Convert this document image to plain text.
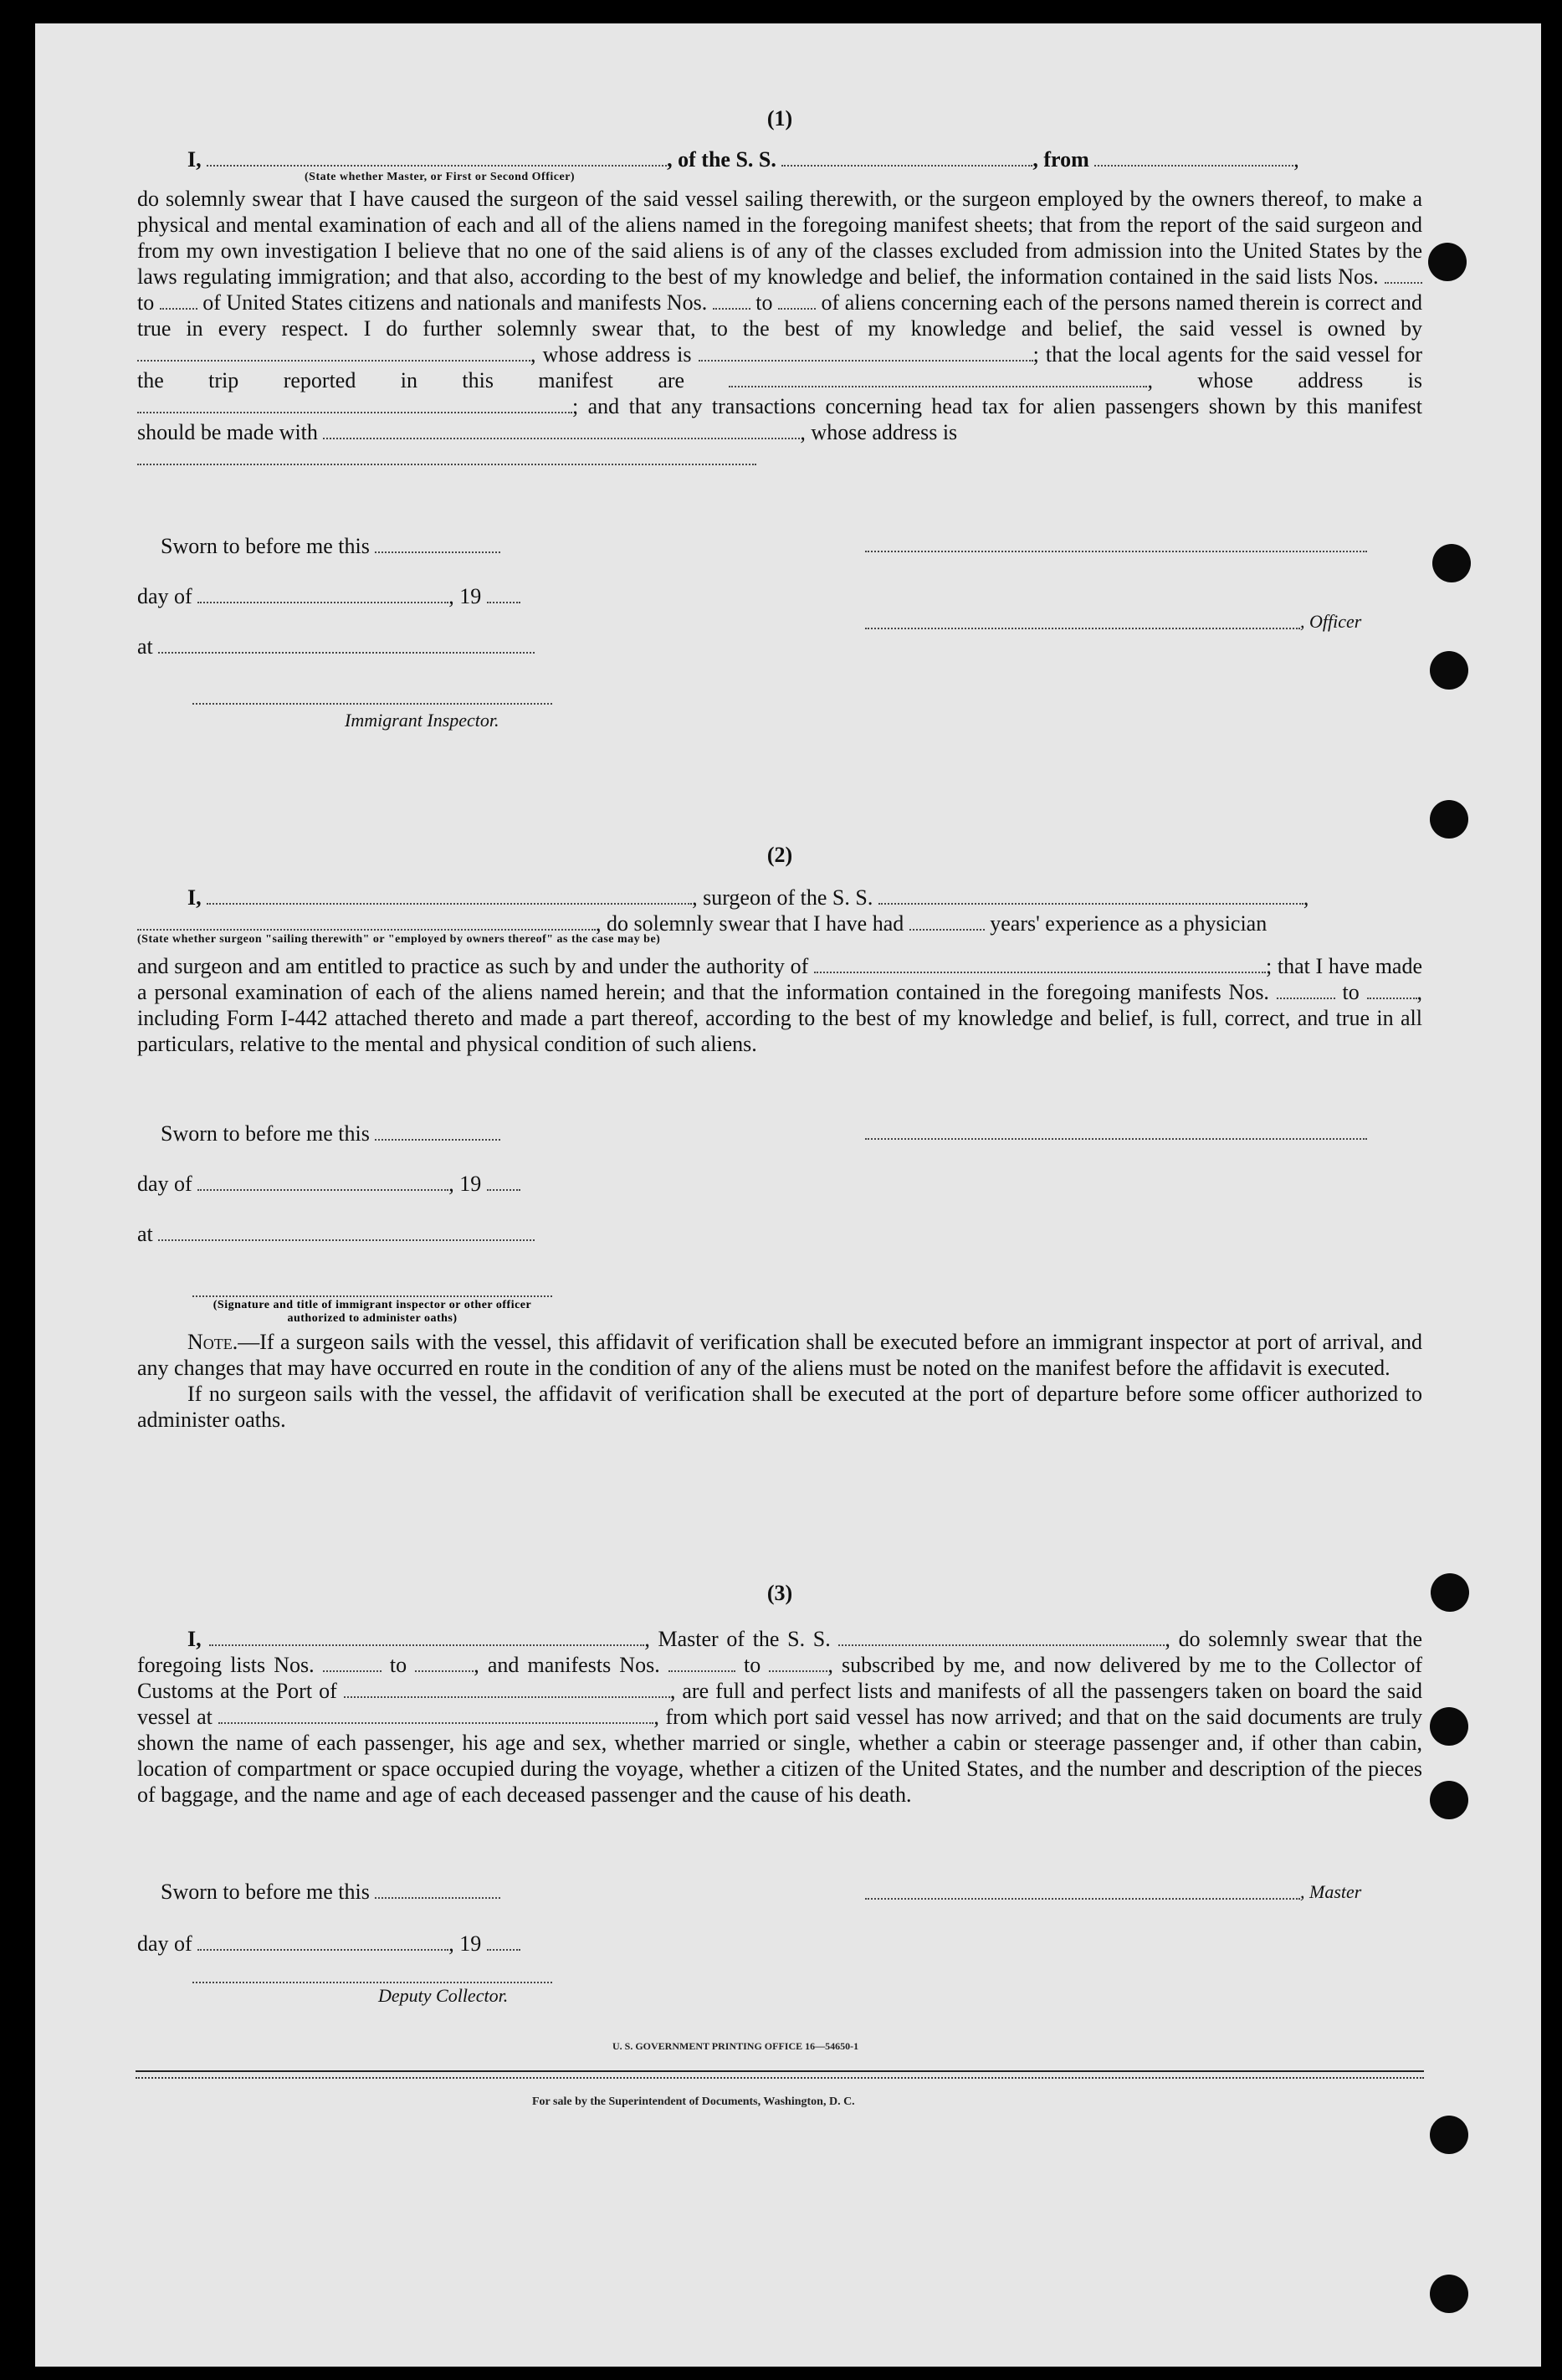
(1)
I,	, of the S. S.	, from	,
(State whether Master, or First or Second Officer)

do solemnly swear that I have caused the surgeon of the said vessel sailing therewith, or the surgeon employed by the owners thereof, to make a physical and mental examination of each and all of the aliens named in the foregoing manifest sheets; that from the report of the said surgeon and from my own investigation I believe that no one of the said aliens is of any of the classes excluded from admission into the United States by the laws regulating immigration; and that also, according to the best of my knowledge and belief, the information contained in the said lists Nos.  to  of United States citizens and nationals and manifests Nos.  to  of aliens concerning each of the persons named therein is correct and true in every respect. I do further solemnly swear that, to the best of my knowledge and belief, the said vessel is owned by , whose address is	; that the local agents for the said vessel for the trip reported in this manifest are	, whose address is ; and that any transactions concerning head tax for alien passengers shown by this manifest should be made with	, whose address is

Sworn to before me this
day of	, 19
at
Immigrant Inspector.
, Officer
(2)
I,	, surgeon of the S. S.	,
, do solemnly swear that I have had	years' experience as a physician
(State whether surgeon "sailing therewith" or "employed by owners thereof" as the case may be)

and surgeon and am entitled to practice as such by and under the authority of	; that I have made a personal examination of each of the aliens named herein; and that the information contained in the foregoing manifests Nos.	to , including Form I-442 attached thereto and made a part thereof, according to the best of my knowledge and belief, is full, correct, and true in all particulars, relative to the mental and physical condition of such aliens.

Sworn to before me this
day of	, 19
at
(Signature and title of immigrant inspector or other officer authorized to administer oaths)

Note.—If a surgeon sails with the vessel, this affidavit of verification shall be executed before an immigrant inspector at port of arrival, and any changes that may have occurred en route in the condition of any of the aliens must be noted on the manifest before the affidavit is executed.

If no surgeon sails with the vessel, the affidavit of verification shall be executed at the port of departure before some officer authorized to administer oaths.

(3)

I,	, Master of the S. S.	, do solemnly swear that the foregoing lists Nos.	to	, and manifests Nos.	to	, subscribed by me, and now delivered by me to the Collector of Customs at the Port of	, are full and perfect lists and manifests of all the passengers taken on board the said vessel at	, from which port said vessel has now arrived; and that on the said documents are truly shown the name of each passenger, his age and sex, whether married or single, whether a cabin or steerage passenger and, if other than cabin, location of compartment or space occupied during the voyage, whether a citizen of the United States, and the number and description of the pieces of baggage, and the name and age of each deceased passenger and the cause of his death.

Sworn to before me this
day of	, 19
, Master
Deputy Collector.
U. S. GOVERNMENT PRINTING OFFICE 16—54650-1
For sale by the Superintendent of Documents, Washington, D. C.
